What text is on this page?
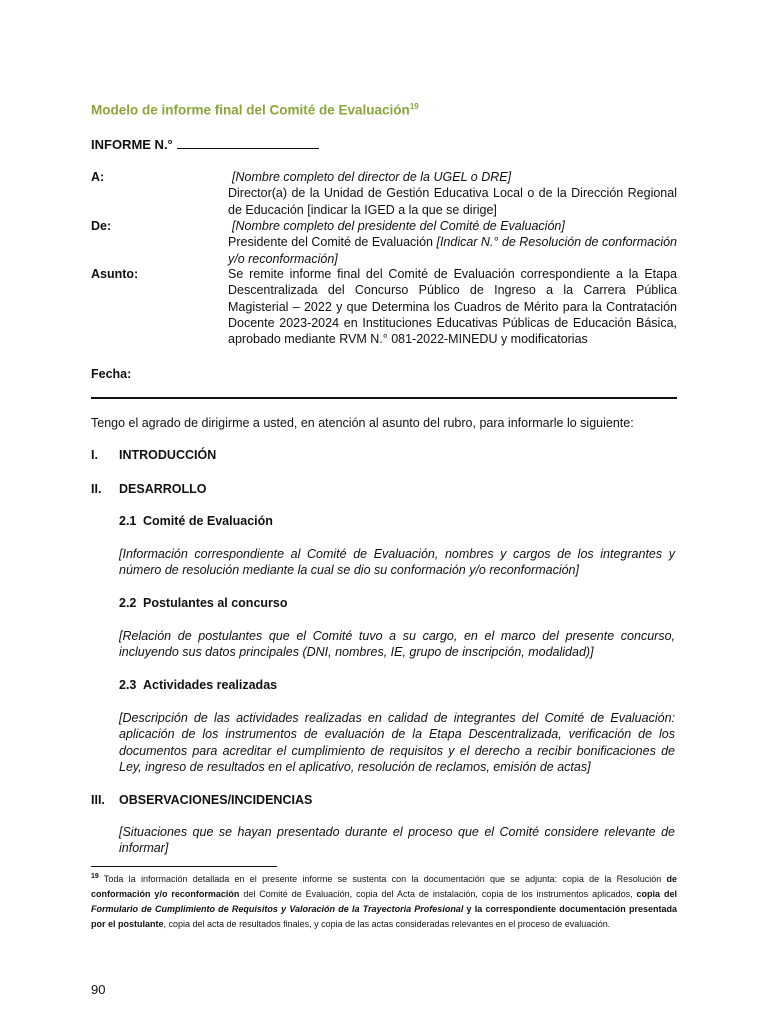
Modelo de informe final del Comité de Evaluación$^{19}$
INFORME N.°
A:	[Nombre completo del director de la UGEL o DRE]
Director(a) de la Unidad de Gestión Educativa Local o de la Dirección Regional de Educación [indicar la IGED a la que se dirige]
De:	[Nombre completo del presidente del Comité de Evaluación]
Presidente del Comité de Evaluación [Indicar N.° de Resolución de conformación y/o reconformación]
Asunto:	Se remite informe final del Comité de Evaluación correspondiente a la Etapa Descentralizada del Concurso Público de Ingreso a la Carrera Pública Magisterial – 2022 y que Determina los Cuadros de Mérito para la Contratación Docente 2023-2024 en Instituciones Educativas Públicas de Educación Básica, aprobado mediante RVM N.° 081-2022-MINEDU y modificatorias
Fecha:
Tengo el agrado de dirigirme a usted, en atención al asunto del rubro, para informarle lo siguiente:
I. INTRODUCCIÓN
II. DESARROLLO
2.1 Comité de Evaluación
[Información correspondiente al Comité de Evaluación, nombres y cargos de los integrantes y número de resolución mediante la cual se dio su conformación y/o reconformación]
2.2 Postulantes al concurso
[Relación de postulantes que el Comité tuvo a su cargo, en el marco del presente concurso, incluyendo sus datos principales (DNI, nombres, IE, grupo de inscripción, modalidad)]
2.3 Actividades realizadas
[Descripción de las actividades realizadas en calidad de integrantes del Comité de Evaluación: aplicación de los instrumentos de evaluación de la Etapa Descentralizada, verificación de los documentos para acreditar el cumplimiento de requisitos y el derecho a recibir bonificaciones de Ley, ingreso de resultados en el aplicativo, resolución de reclamos, emisión de actas]
III. OBSERVACIONES/INCIDENCIAS
[Situaciones que se hayan presentado durante el proceso que el Comité considere relevante de informar]
$^{19}$ Toda la información detallada en el presente informe se sustenta con la documentación que se adjunta: copia de la Resolución de conformación y/o reconformación del Comité de Evaluación, copia del Acta de instalación, copia de los instrumentos aplicados, copia del Formulario de Cumplimiento de Requisitos y Valoración de la Trayectoria Profesional y la correspondiente documentación presentada por el postulante, copia del acta de resultados finales, y copia de las actas consideradas relevantes en el proceso de evaluación.
90
